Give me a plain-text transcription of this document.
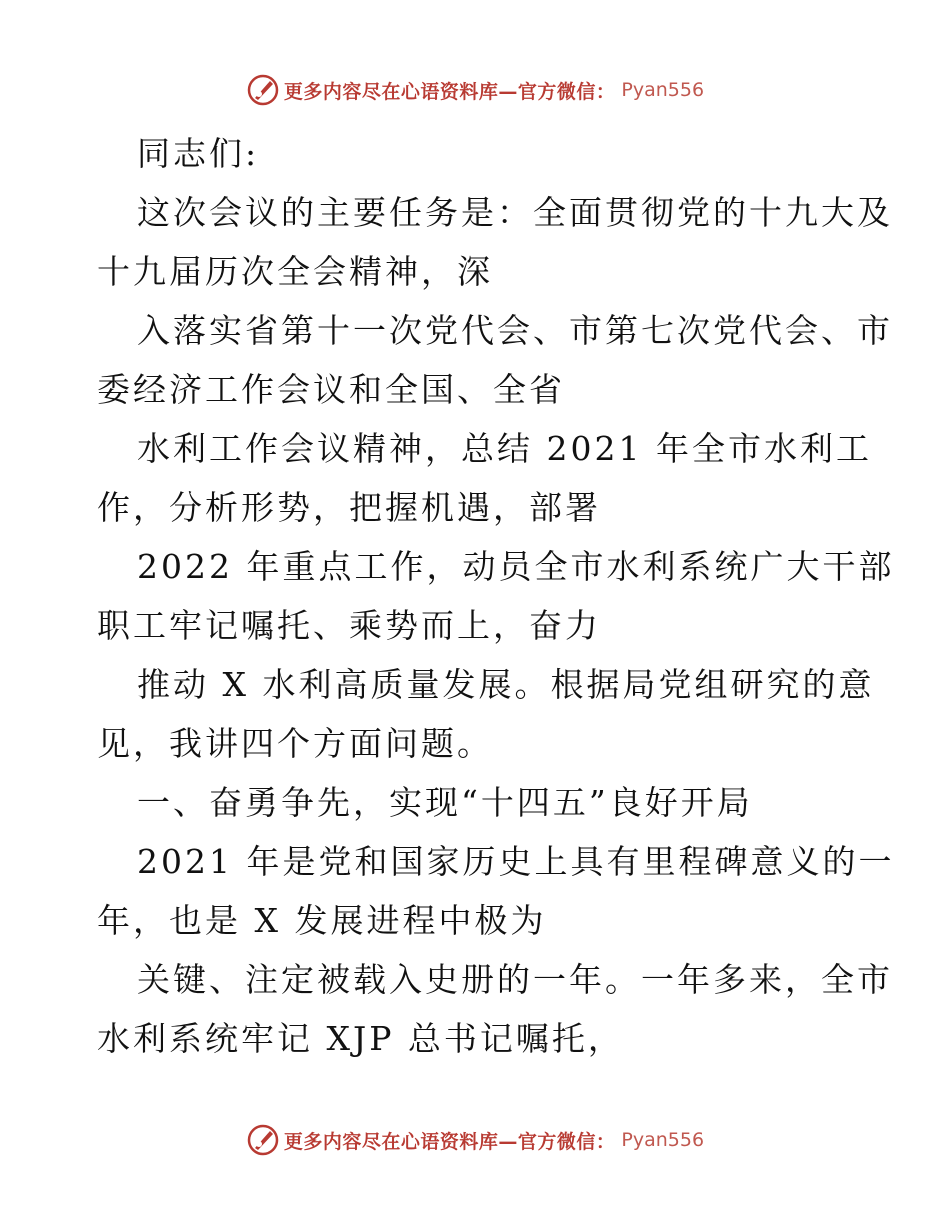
更多内容尽在心语资料库—官方微信： Pyan556
同志们:
这次会议的主要任务是：全面贯彻党的十九大及
十九届历次全会精神，深
入落实省第十一次党代会、市第七次党代会、市
委经济工作会议和全国、全省
水利工作会议精神，总结 2021 年全市水利工
作，分析形势，把握机遇，部署
2022 年重点工作，动员全市水利系统广大干部
职工牢记嘱托、乘势而上，奋力
推动 X 水利高质量发展。根据局党组研究的意
见，我讲四个方面问题。
一、奋勇争先，实现“十四五”良好开局
2021 年是党和国家历史上具有里程碑意义的一
年，也是 X 发展进程中极为
关键、注定被载入史册的一年。一年多来，全市
水利系统牢记 XJP 总书记嘱托，
更多内容尽在心语资料库—官方微信： Pyan556
